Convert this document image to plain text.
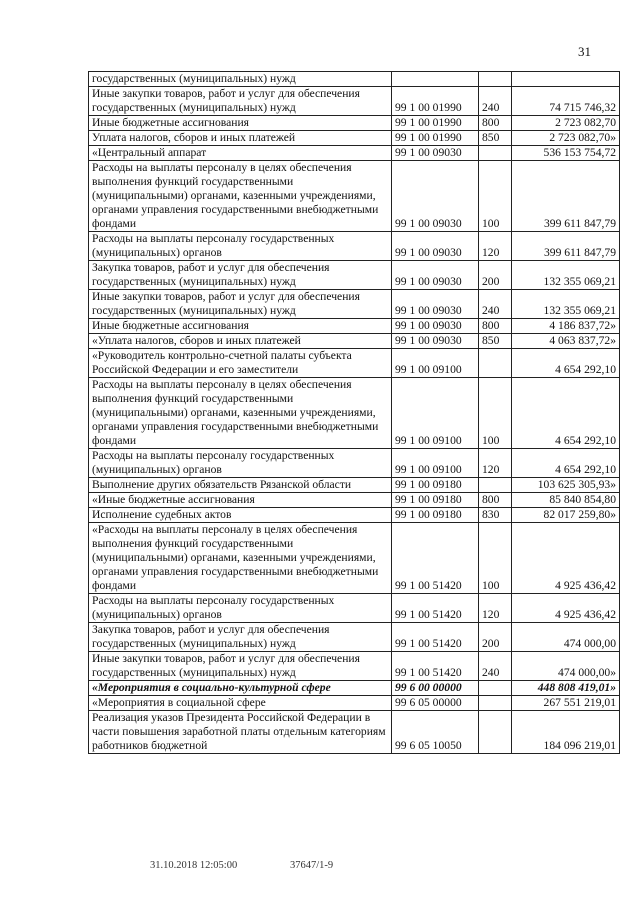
31
государственных (муниципальных) нужд			
Иные закупки товаров, работ и услуг для обеспечения государственных (муниципальных) нужд	99 1 00 01990	240	74 715 746,32
Иные бюджетные ассигнования	99 1 00 01990	800	2 723 082,70
Уплата налогов, сборов и иных платежей	99 1 00 01990	850	2 723 082,70»
«Центральный аппарат	99 1 00 09030		536 153 754,72
Расходы на выплаты персоналу в целях обеспечения выполнения функций государственными (муниципальными) органами, казенными учреждениями, органами управления государственными внебюджетными фондами	99 1 00 09030	100	399 611 847,79
Расходы на выплаты персоналу государственных (муниципальных) органов	99 1 00 09030	120	399 611 847,79
Закупка товаров, работ и услуг для обеспечения государственных (муниципальных) нужд	99 1 00 09030	200	132 355 069,21
Иные закупки товаров, работ и услуг для обеспечения государственных (муниципальных) нужд	99 1 00 09030	240	132 355 069,21
Иные бюджетные ассигнования	99 1 00 09030	800	4 186 837,72»
«Уплата налогов, сборов и иных платежей	99 1 00 09030	850	4 063 837,72»
«Руководитель контрольно-счетной палаты субъекта Российской Федерации и его заместители	99 1 00 09100		4 654 292,10
Расходы на выплаты персоналу в целях обеспечения выполнения функций государственными (муниципальными) органами, казенными учреждениями, органами управления государственными внебюджетными фондами	99 1 00 09100	100	4 654 292,10
Расходы на выплаты персоналу государственных (муниципальных) органов	99 1 00 09100	120	4 654 292,10
Выполнение других обязательств Рязанской области	99 1 00 09180		103 625 305,93»
«Иные бюджетные ассигнования	99 1 00 09180	800	85 840 854,80
Исполнение судебных актов	99 1 00 09180	830	82 017 259,80»
«Расходы на выплаты персоналу в целях обеспечения выполнения функций государственными (муниципальными) органами, казенными учреждениями, органами управления государственными внебюджетными фондами	99 1 00 51420	100	4 925 436,42
Расходы на выплаты персоналу государственных (муниципальных) органов	99 1 00 51420	120	4 925 436,42
Закупка товаров, работ и услуг для обеспечения государственных (муниципальных) нужд	99 1 00 51420	200	474 000,00
Иные закупки товаров, работ и услуг для обеспечения государственных (муниципальных) нужд	99 1 00 51420	240	474 000,00»
«Мероприятия в социально-культурной сфере	99 6 00 00000		448 808 419,01»
«Мероприятия в социальной сфере	99 6 05 00000		267 551 219,01
Реализация указов Президента Российской Федерации в части повышения заработной платы отдельным категориям работников бюджетной	99 6 05 10050		184 096 219,01
31.10.2018 12:05:00	37647/1-9
